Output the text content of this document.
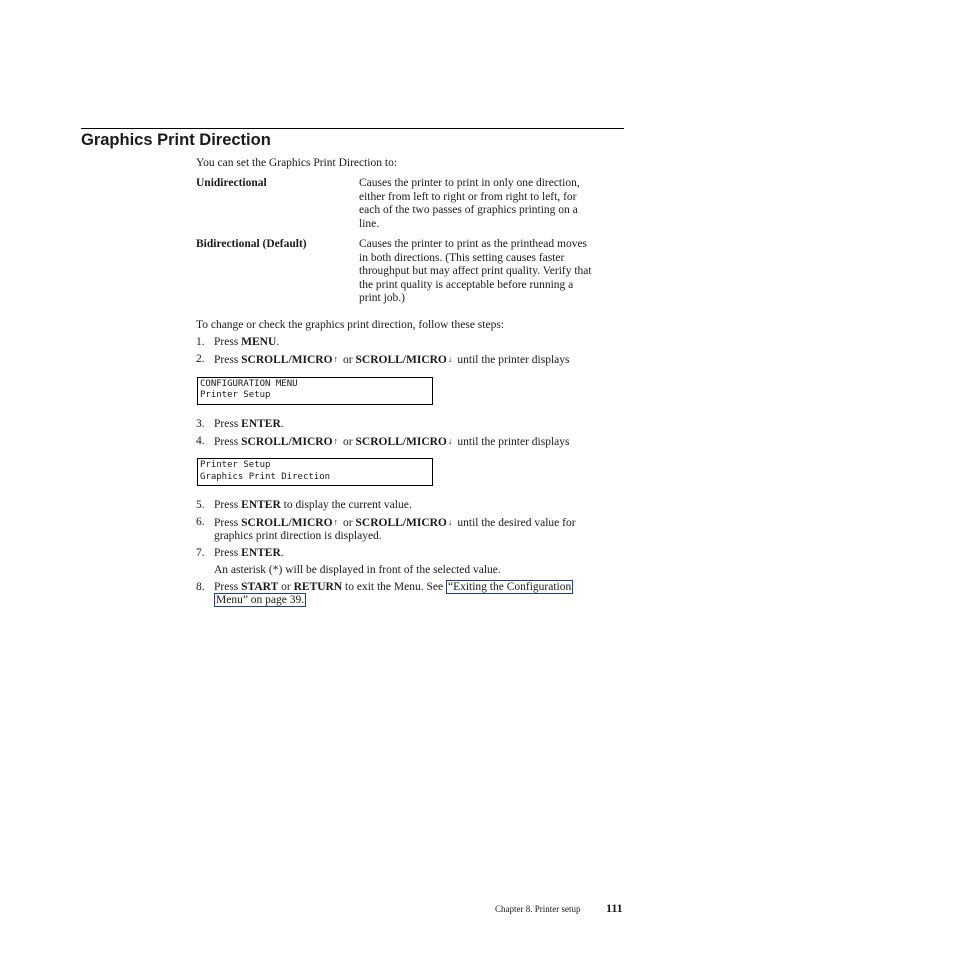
Graphics Print Direction
You can set the Graphics Print Direction to:
Unidirectional	Causes the printer to print in only one direction,
either from left to right or from right to left, for
each of the two passes of graphics printing on a
line.
Bidirectional (Default)	Causes the printer to print as the printhead moves
in both directions. (This setting causes faster
throughput but may affect print quality. Verify that
the print quality is acceptable before running a
print job.)
To change or check the graphics print direction, follow these steps:
1. Press MENU.
2. Press SCROLL/MICRO↑ or SCROLL/MICRO↓ until the printer displays
CONFIGURATION MENU
Printer Setup
3. Press ENTER.
4. Press SCROLL/MICRO↑ or SCROLL/MICRO↓ until the printer displays
Printer Setup
Graphics Print Direction
5. Press ENTER to display the current value.
6. Press SCROLL/MICRO↑ or SCROLL/MICRO↓ until the desired value for
graphics print direction is displayed.
7. Press ENTER.
An asterisk (*) will be displayed in front of the selected value.
8. Press START or RETURN to exit the Menu. See “Exiting the Configuration
Menu” on page 39.
Chapter 8. Printer setup 111
